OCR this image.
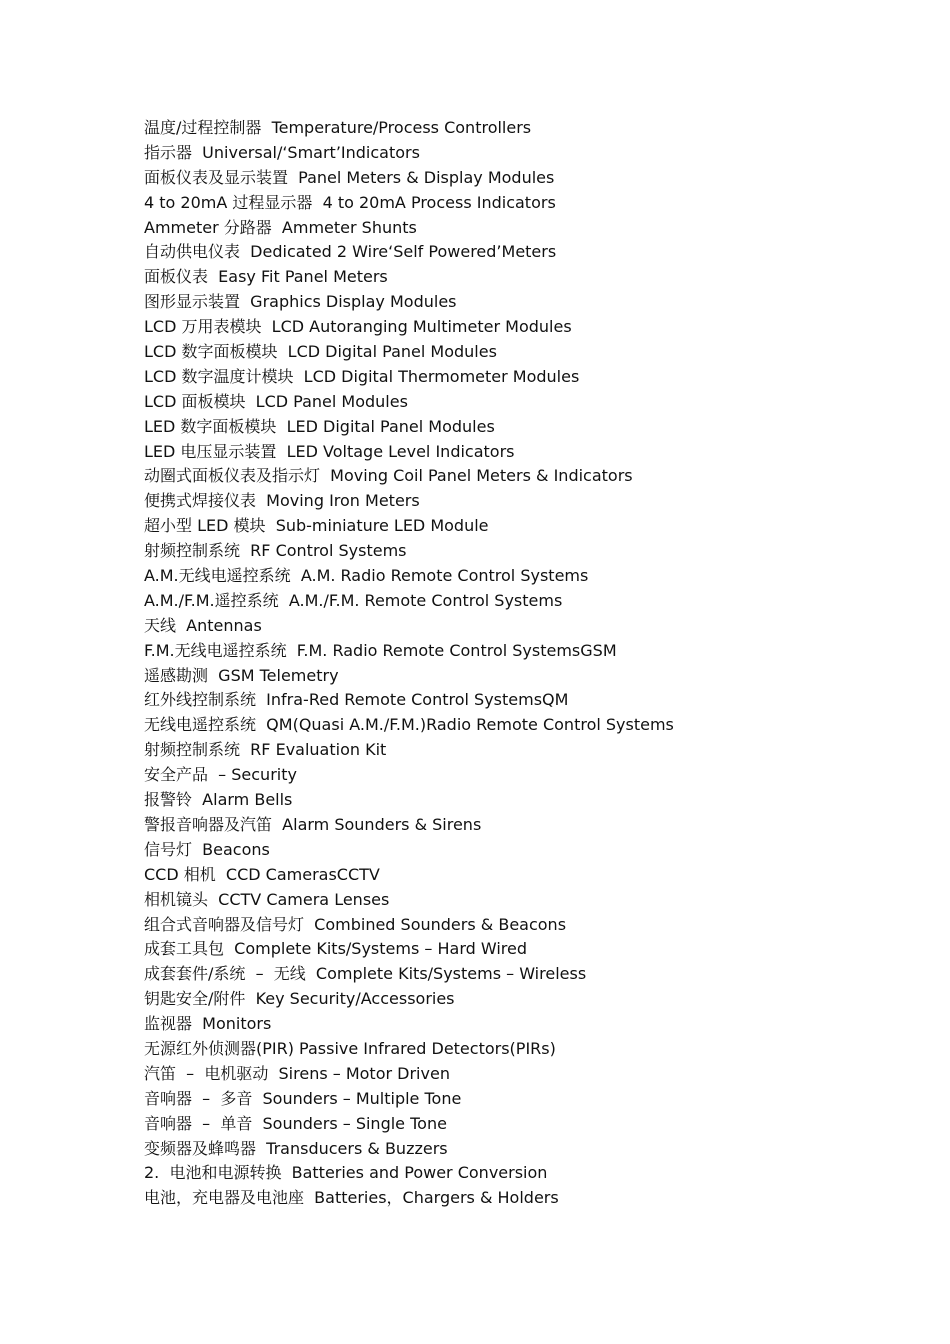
温度/过程控制器  Temperature/Process Controllers
指示器  Universal/‘Smart’Indicators
面板仪表及显示装置  Panel Meters & Display Modules
4 to 20mA 过程显示器  4 to 20mA Process Indicators
Ammeter 分路器  Ammeter Shunts
自动供电仪表  Dedicated 2 Wire‘Self Powered’Meters
面板仪表  Easy Fit Panel Meters
图形显示装置  Graphics Display Modules
LCD 万用表模块  LCD Autoranging Multimeter Modules
LCD 数字面板模块  LCD Digital Panel Modules
LCD 数字温度计模块  LCD Digital Thermometer Modules
LCD 面板模块  LCD Panel Modules
LED 数字面板模块  LED Digital Panel Modules
LED 电压显示装置  LED Voltage Level Indicators
动圈式面板仪表及指示灯  Moving Coil Panel Meters & Indicators
便携式焊接仪表  Moving Iron Meters
超小型 LED 模块  Sub-miniature LED Module
射频控制系统  RF Control Systems
A.M.无线电遥控系统  A.M. Radio Remote Control Systems
A.M./F.M.遥控系统  A.M./F.M. Remote Control Systems
天线  Antennas
F.M.无线电遥控系统  F.M. Radio Remote Control SystemsGSM
遥感勘测  GSM Telemetry
红外线控制系统  Infra-Red Remote Control SystemsQM
无线电遥控系统  QM(Quasi A.M./F.M.)Radio Remote Control Systems
射频控制系统  RF Evaluation Kit
安全产品  – Security
报警铃  Alarm Bells
警报音响器及汽笛  Alarm Sounders & Sirens
信号灯  Beacons
CCD 相机  CCD CamerasCCTV
相机镜头  CCTV Camera Lenses
组合式音响器及信号灯  Combined Sounders & Beacons
成套工具包  Complete Kits/Systems – Hard Wired
成套套件/系统  –  无线  Complete Kits/Systems – Wireless
钥匙安全/附件  Key Security/Accessories
监视器  Monitors
无源红外侦测器(PIR) Passive Infrared Detectors(PIRs)
汽笛  –  电机驱动  Sirens – Motor Driven
音响器  –  多音  Sounders – Multiple Tone
音响器  –  单音  Sounders – Single Tone
变频器及蜂鸣器  Transducers & Buzzers
2.  电池和电源转换  Batteries and Power Conversion
电池，充电器及电池座  Batteries，Chargers & Holders
